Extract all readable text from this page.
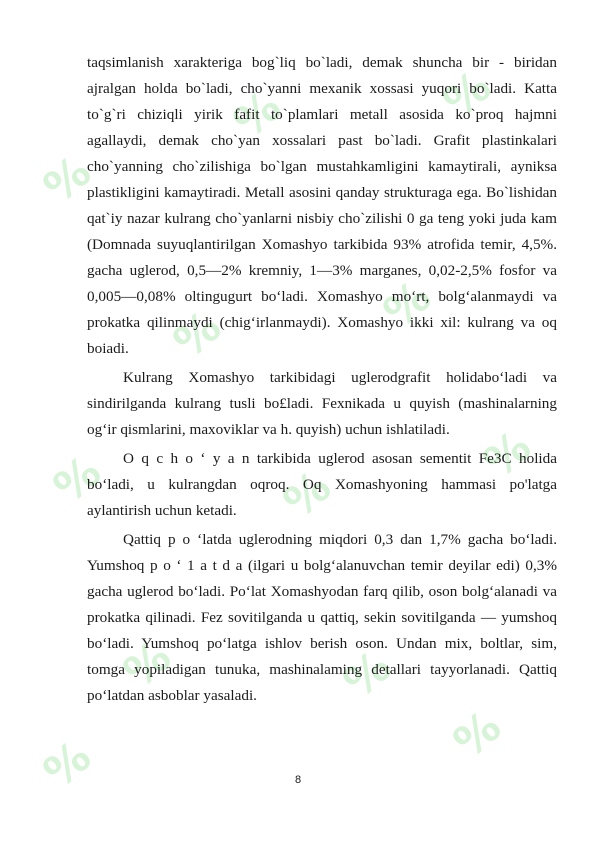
%
%	%
%	%
%	%
%
%	%
%	%

taqsimlanish xarakteriga bog`liq bo`ladi, demak shuncha bir - biridan ajralgan holda bo`ladi, cho`yanni mexanik xossasi yuqori bo`ladi. Katta to`g`ri chiziqli yirik fafit to`plamlari metall asosida ko`proq hajmni agallaydi, demak cho`yan xossalari past bo`ladi. Grafit plastinkalari cho`yanning cho`zilishiga bo`lgan mustahkamligini kamaytirali, ayniksa plastikligini kamaytiradi. Metall asosini qanday strukturaga ega. Bo`lishidan qat`iy nazar kulrang cho`yanlarni nisbiy cho`zilishi 0 ga teng yoki juda kam (Domnada suyuqlantirilgan Xomashyo tarkibida 93% atrofida temir, 4,5%. gacha uglerod, 0,5—2% kremniy, 1—3% marganes, 0,02-2,5% fosfor va 0,005—0,08% oltingugurt bo‘ladi. Xomashyo mo‘rt, bolg‘alanmaydi va prokatka qilinmaydi (chig‘irlanmaydi). Xomashyo ikki xil: kulrang va oq boiadi.

Kulrang Xomashyo tarkibidagi uglerodgrafit holidabo‘ladi va sindirilganda kulrang tusli bo£ladi. Fexnikada u quyish (mashinalarning og‘ir qismlarini, maxoviklar va h. quyish) uchun ishlatiladi.

O q c h o ‘ y a n tarkibida uglerod asosan sementit Fe3C holida bo‘ladi, u kulrangdan oqroq. Oq Xomashyoning hammasi po'latga aylantirish uchun ketadi.

Qattiq p o ‘latda uglerodning miqdori 0,3 dan 1,7% gacha bo‘ladi. Yumshoq p o ‘ 1 a t d a (ilgari u bolg‘alanuvchan temir deyilar edi) 0,3% gacha uglerod bo‘ladi. Po‘lat Xomashyodan farq qilib, oson bolg‘alanadi va prokatka qilinadi. Fez sovitilganda u qattiq, sekin sovitilganda — yumshoq bo‘ladi. Yumshoq po‘latga ishlov berish oson. Undan mix, boltlar, sim, tomga yopiladigan tunuka, mashinalaming detallari tayyorlanadi. Qattiq po‘latdan asboblar yasaladi.

8
